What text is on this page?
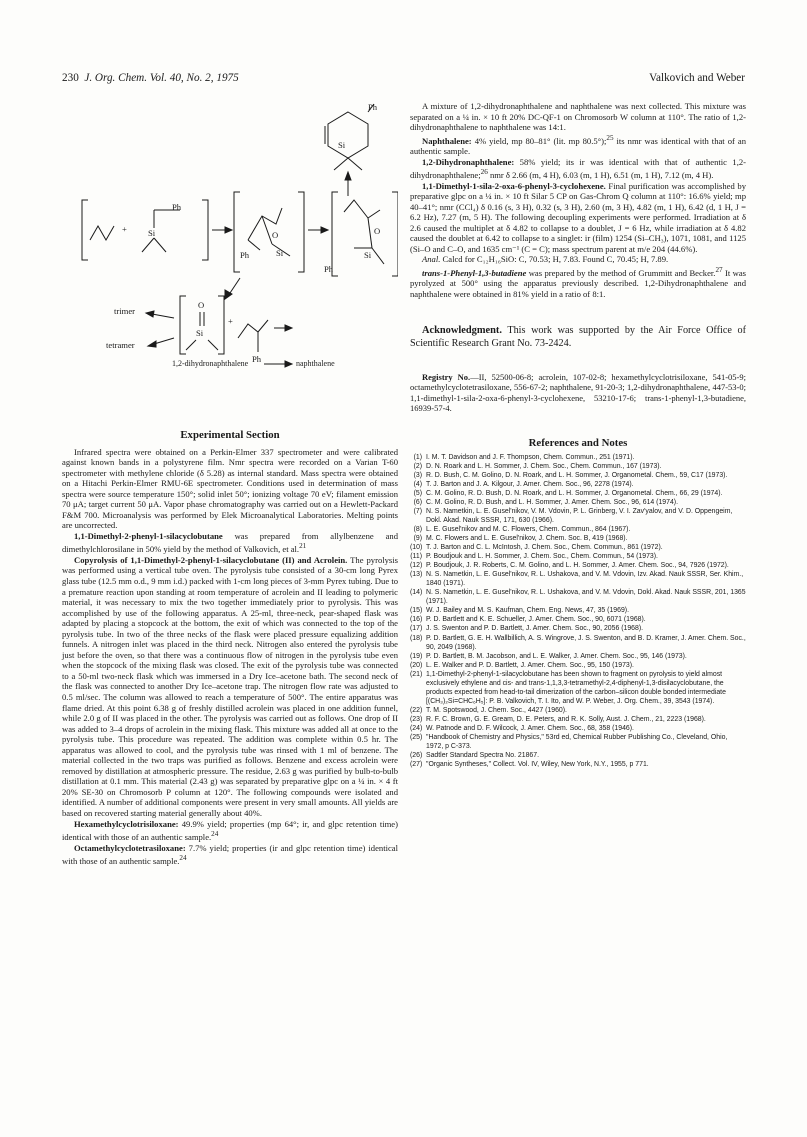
230 J. Org. Chem. Vol. 40, No. 2, 1975	Valkovich and Weber
Ph
Si
Ph
Si
+
O
Si
Ph
O
Si
Ph
trimer
tetramer
O
Si
+
Ph
1,2-dihydronaphthalene	naphthalene
Experimental Section

Infrared spectra were obtained on a Perkin-Elmer 337 spectrometer and were calibrated against known bands in a polystyrene film. Nmr spectra were recorded on a Varian T-60 spectrometer with methylene chloride (δ 5.28) as internal standard. Mass spectra were obtained on a Hitachi Perkin-Elmer RMU-6E spectrometer. Conditions used in determination of mass spectra were source temperature 150°; solid inlet 50°; ionizing voltage 70 eV; filament emission 70 μA; target current 50 μA. Vapor phase chromatography was carried out on a Hewlett-Packard F&M 700. Microanalysis was performed by Elek Microanalytical Laboratories. Melting points are uncorrected.

1,1-Dimethyl-2-phenyl-1-silacyclobutane was prepared from allylbenzene and dimethylchlorosilane in 50% yield by the method of Valkovich, et al.$^{21}$

Copyrolysis of 1,1-Dimethyl-2-phenyl-1-silacyclobutane (II) and Acrolein. The pyrolysis was performed using a vertical tube oven. The pyrolysis tube consisted of a 30-cm long Pyrex glass tube (12.5 mm o.d., 9 mm i.d.) packed with 1-cm long pieces of 3-mm Pyrex tubing. Due to a premature reaction upon standing at room temperature of acrolein and II leading to polymeric material, it was necessary to mix the two together immediately prior to pyrolysis. This was accomplished by use of the following apparatus. A 25-ml, three-neck, pear-shaped flask was adapted by placing a stopcock at the bottom, the exit of which was connected to the top of the pyrolysis tube. In two of the three necks of the flask were placed pressure equalizing addition funnels. A nitrogen inlet was placed in the third neck. Nitrogen also entered the pyrolysis tube just before the oven, so that there was a continuous flow of nitrogen in the pyrolysis tube even when the stopcock of the mixing flask was closed. The exit of the pyrolysis tube was connected to a 50-ml two-neck flask which was immersed in a Dry Ice–acetone bath. The second neck of the flask was connected to another Dry Ice–acetone trap. The nitrogen flow rate was adjusted to 0.5 ml/sec. The column was allowed to reach a temperature of 500°. The entire apparatus was flame dried. At this point 6.38 g of freshly distilled acrolein was placed in one addition funnel, while 2.0 g of II was placed in the other. The pyrolysis was carried out as follows. One drop of II was added to 3–4 drops of acrolein in the mixing flask. This mixture was added all at once to the pyrolysis tube. This procedure was repeated. The addition was complete within 0.5 hr. The apparatus was allowed to cool, and the pyrolysis tube was rinsed with 1 ml of benzene. The material collected in the two traps was purified as follows. Benzene and excess acrolein were removed by distillation at atmospheric pressure. The residue, 2.63 g was purified by bulb-to-bulb distillation at 0.1 mm. This material (2.43 g) was separated by preparative glpc on a ¼ in. × 4 ft 20% SE-30 on Chromosorb P column at 120°. The following compounds were isolated and identified. A number of additional components were present in very small amounts. All yields are based on recovered starting material generally about 40%.

Hexamethylcyclotrisiloxane: 49.9% yield; properties (mp 64°; ir, and glpc retention time) identical with those of an authentic sample.$^{24}$

Octamethylcyclotetrasiloxane: 7.7% yield; properties (ir and glpc retention time) identical with those of an authentic sample.$^{24}$

A mixture of 1,2-dihydronaphthalene and naphthalene was next collected. This mixture was separated on a ¼ in. × 10 ft 20% DC-QF-1 on Chromosorb W column at 110°. The ratio of 1,2-dihydronaphthalene to naphthalene was 14:1.

Naphthalene: 4% yield, mp 80–81° (lit. mp 80.5°);$^{25}$ its nmr was identical with that of an authentic sample.

1,2-Dihydronaphthalene: 58% yield; its ir was identical with that of authentic 1,2-dihydronaphthalene;$^{26}$ nmr δ 2.66 (m, 4 H), 6.03 (m, 1 H), 6.51 (m, 1 H), 7.12 (m, 4 H).

1,1-Dimethyl-1-sila-2-oxa-6-phenyl-3-cyclohexene. Final purification was accomplished by preparative glpc on a ¼ in. × 10 ft Silar 5 CP on Gas-Chrom Q column at 110°: 16.6% yield; mp 40–41°; nmr (CCl₄) δ 0.16 (s, 3 H), 0.32 (s, 3 H), 2.60 (m, 3 H), 4.82 (m, 1 H), 6.42 (d, 1 H, J = 6.2 Hz), 7.27 (m, 5 H). The following decoupling experiments were performed. Irradiation at δ 2.6 caused the multiplet at δ 4.82 to collapse to a doublet, J = 6 Hz, while irradiation at δ 4.82 caused the doublet at 6.42 to collapse to a singlet: ir (film) 1254 (Si–CH₃), 1071, 1081, and 1125 (Si–O and C–O, and 1635 cm⁻¹ (C = C); mass spectrum parent at m/e 204 (44.6%).

Anal. Calcd for C₁₂H₁₆SiO: C, 70.53; H, 7.83. Found C, 70.45; H, 7.89.

trans-1-Phenyl-1,3-butadiene was prepared by the method of Grummitt and Becker.$^{27}$ It was pyrolyzed at 500° using the apparatus previously described. 1,2-Dihydronaphthalene and naphthalene were obtained in 81% yield in a ratio of 8:1.

Acknowledgment. This work was supported by the Air Force Office of Scientific Research Grant No. 73-2424.

Registry No.—II, 52500-06-8; acrolein, 107-02-8; hexamethylcyclotrisiloxane, 541-05-9; octamethylcyclotetrasiloxane, 556-67-2; naphthalene, 91-20-3; 1,2-dihydronaphthalene, 447-53-0; 1,1-dimethyl-1-sila-2-oxa-6-phenyl-3-cyclohexene, 53210-17-6; trans-1-phenyl-1,3-butadiene, 16939-57-4.

References and Notes
(1) I. M. T. Davidson and J. F. Thompson, Chem. Commun., 251 (1971).
(2) D. N. Roark and L. H. Sommer, J. Chem. Soc., Chem. Commun., 167 (1973).
(3) R. D. Bush, C. M. Golino, D. N. Roark, and L. H. Sommer, J. Organometal. Chem., 59, C17 (1973).
(4) T. J. Barton and J. A. Kilgour, J. Amer. Chem. Soc., 96, 2278 (1974).
(5) C. M. Golino, R. D. Bush, D. N. Roark, and L. H. Sommer, J. Organometal. Chem., 66, 29 (1974).
(6) C. M. Golino, R. D. Bush, and L. H. Sommer, J. Amer. Chem. Soc., 96, 614 (1974).
(7) N. S. Nametkin, L. E. Gusel'nikov, V. M. Vdovin, P. L. Grinberg, V. I. Zav'yalov, and V. D. Oppengeim, Dokl. Akad. Nauk SSSR, 171, 630 (1966).
(8) L. E. Gusel'nikov and M. C. Flowers, Chem. Commun., 864 (1967).
(9) M. C. Flowers and L. E. Gusel'nikov, J. Chem. Soc. B, 419 (1968).
(10) T. J. Barton and C. L. McIntosh, J. Chem. Soc., Chem. Commun., 861 (1972).
(11) P. Boudjouk and L. H. Sommer, J. Chem. Soc., Chem. Commun., 54 (1973).
(12) P. Boudjouk, J. R. Roberts, C. M. Golino, and L. H. Sommer, J. Amer. Chem. Soc., 94, 7926 (1972).
(13) N. S. Nametkin, L. E. Gusel'nikov, R. L. Ushakova, and V. M. Vdovin, Izv. Akad. Nauk SSSR, Ser. Khim., 1840 (1971).
(14) N. S. Nametkin, L. E. Gusel'nikov, R. L. Ushakova, and V. M. Vdovin, Dokl. Akad. Nauk SSSR, 201, 1365 (1971).
(15) W. J. Bailey and M. S. Kaufman, Chem. Eng. News, 47, 35 (1969).
(16) P. D. Bartlett and K. E. Schueller, J. Amer. Chem. Soc., 90, 6071 (1968).
(17) J. S. Swenton and P. D. Bartlett, J. Amer. Chem. Soc., 90, 2056 (1968).
(18) P. D. Bartlett, G. E. H. Wallbillich, A. S. Wingrove, J. S. Swenton, and B. D. Kramer, J. Amer. Chem. Soc., 90, 2049 (1968).
(19) P. D. Bartlett, B. M. Jacobson, and L. E. Walker, J. Amer. Chem. Soc., 95, 146 (1973).
(20) L. E. Walker and P. D. Bartlett, J. Amer. Chem. Soc., 95, 150 (1973).
(21) 1,1-Dimethyl-2-phenyl-1-silacyclobutane has been shown to fragment on pyrolysis to yield almost exclusively ethylene and cis- and trans-1,1,3,3-tetramethyl-2,4-diphenyl-1,3-disilacyclobutane, the products expected from head-to-tail dimerization of the carbon–silicon double bonded intermediate [(CH₃)₂Si=CHC₆H₅]: P. B. Valkovich, T. I. Ito, and W. P. Weber, J. Org. Chem., 39, 3543 (1974).
(22) T. M. Spotswood, J. Chem. Soc., 4427 (1960).
(23) R. F. C. Brown, G. E. Gream, D. E. Peters, and R. K. Solly, Aust. J. Chem., 21, 2223 (1968).
(24) W. Patnode and D. F. Wilcock, J. Amer. Chem. Soc., 68, 358 (1946).
(25) "Handbook of Chemistry and Physics," 53rd ed, Chemical Rubber Publishing Co., Cleveland, Ohio, 1972, p C-373.
(26) Sadtler Standard Spectra No. 21867.
(27) "Organic Syntheses," Collect. Vol. IV, Wiley, New York, N.Y., 1955, p 771.
